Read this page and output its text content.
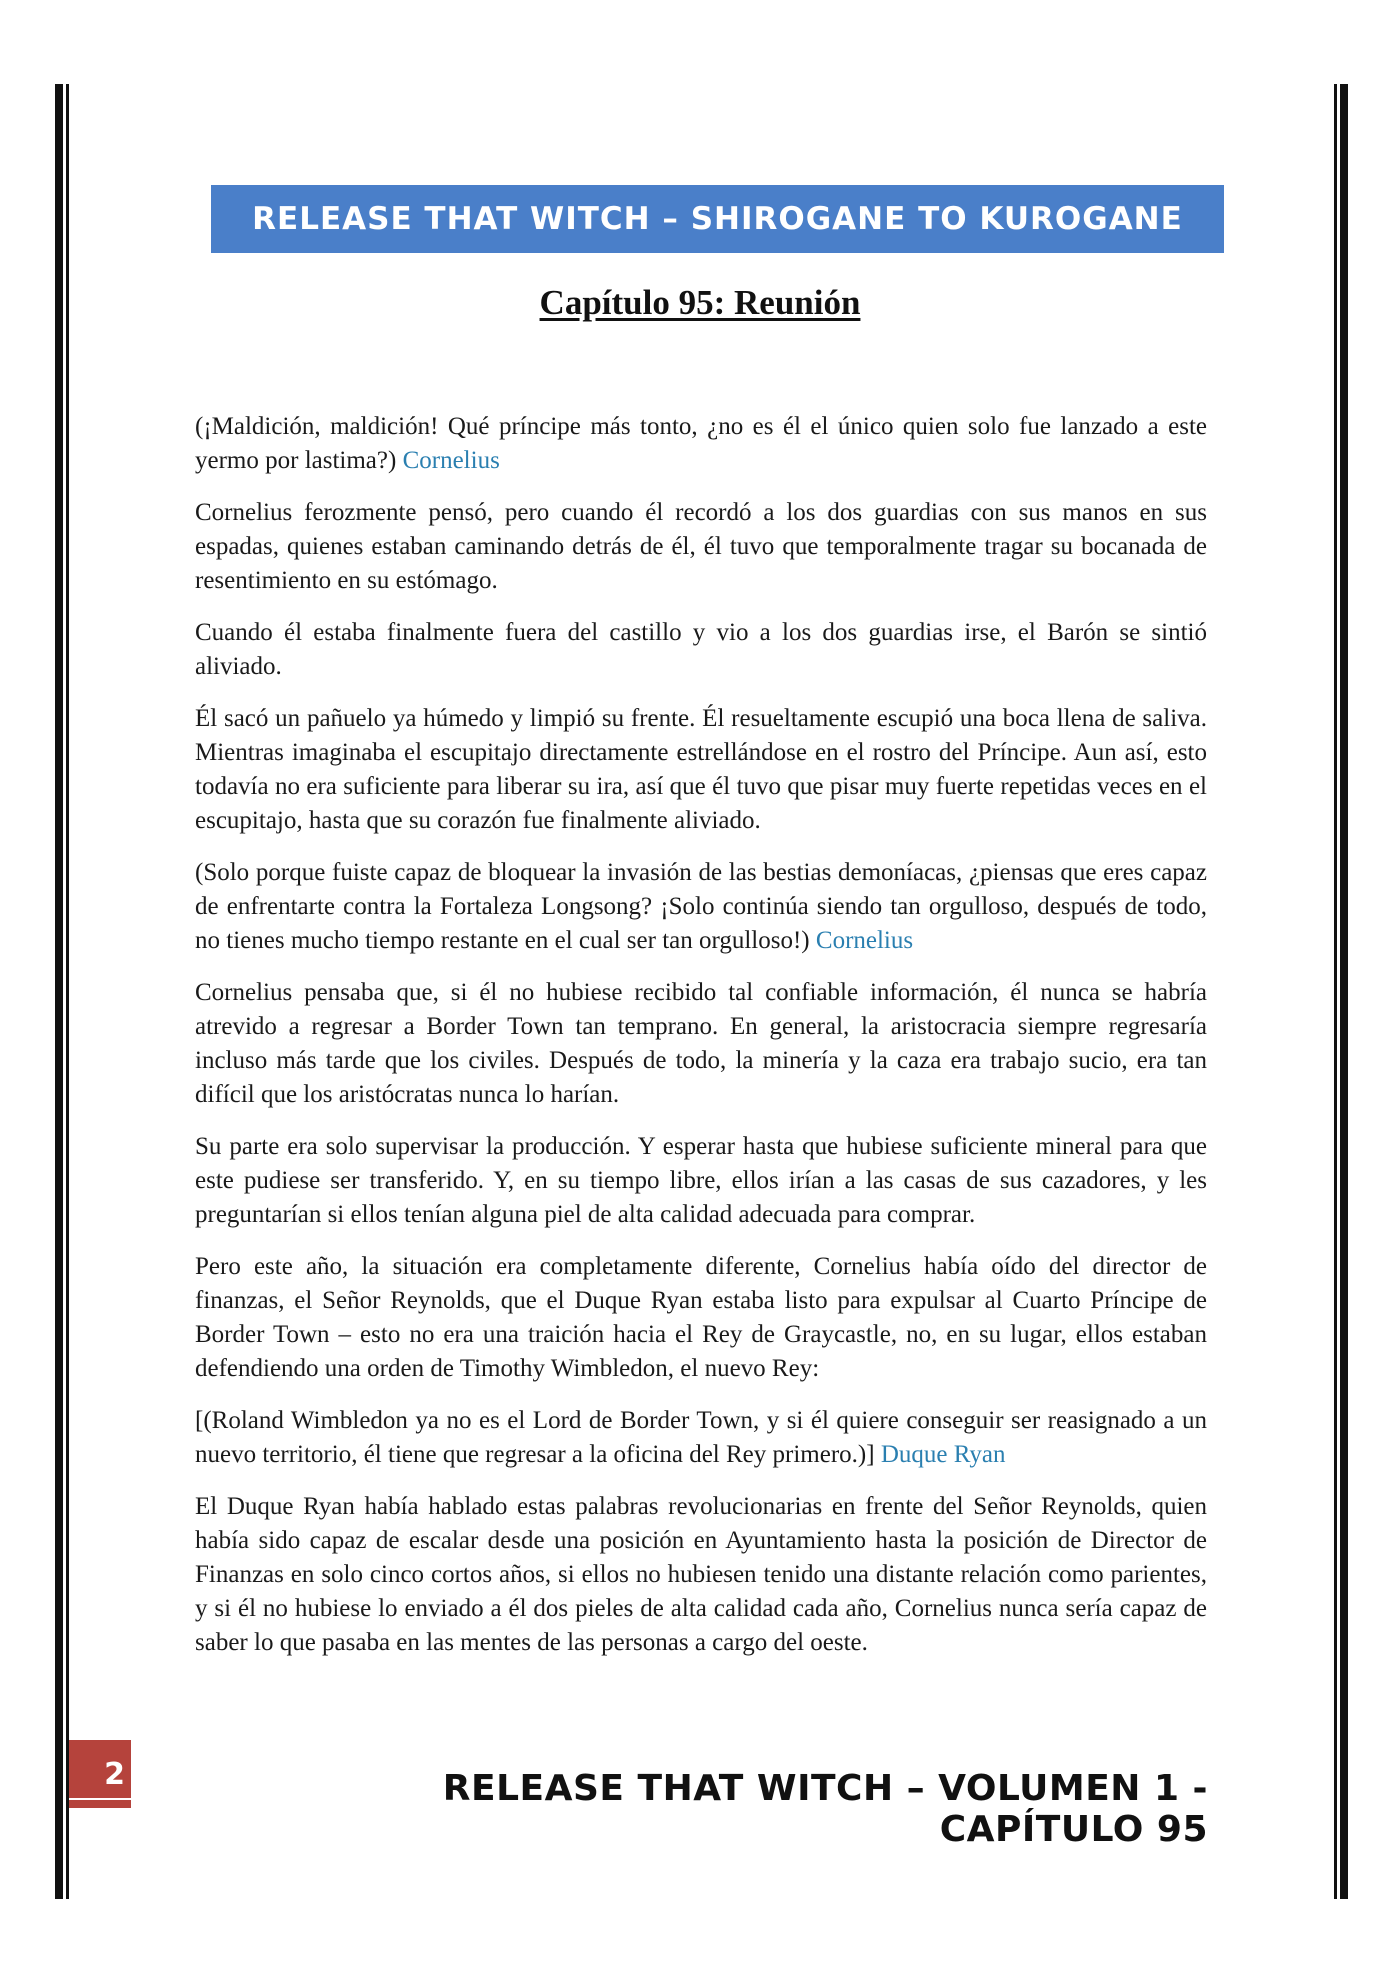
RELEASE THAT WITCH – SHIROGANE TO KUROGANE
Capítulo 95: Reunión

(¡Maldición, maldición! Qué príncipe más tonto, ¿no es él el único quien solo fue lanzado a este yermo por lastima?) Cornelius

Cornelius ferozmente pensó, pero cuando él recordó a los dos guardias con sus manos en sus espadas, quienes estaban caminando detrás de él, él tuvo que temporalmente tragar su bocanada de resentimiento en su estómago.

Cuando él estaba finalmente fuera del castillo y vio a los dos guardias irse, el Barón se sintió aliviado.

Él sacó un pañuelo ya húmedo y limpió su frente. Él resueltamente escupió una boca llena de saliva. Mientras imaginaba el escupitajo directamente estrellándose en el rostro del Príncipe. Aun así, esto todavía no era suficiente para liberar su ira, así que él tuvo que pisar muy fuerte repetidas veces en el escupitajo, hasta que su corazón fue finalmente aliviado.

(Solo porque fuiste capaz de bloquear la invasión de las bestias demoníacas, ¿piensas que eres capaz de enfrentarte contra la Fortaleza Longsong? ¡Solo continúa siendo tan orgulloso, después de todo, no tienes mucho tiempo restante en el cual ser tan orgulloso!) Cornelius

Cornelius pensaba que, si él no hubiese recibido tal confiable información, él nunca se habría atrevido a regresar a Border Town tan temprano. En general, la aristocracia siempre regresaría incluso más tarde que los civiles. Después de todo, la minería y la caza era trabajo sucio, era tan difícil que los aristócratas nunca lo harían.

Su parte era solo supervisar la producción. Y esperar hasta que hubiese suficiente mineral para que este pudiese ser transferido. Y, en su tiempo libre, ellos irían a las casas de sus cazadores, y les preguntarían si ellos tenían alguna piel de alta calidad adecuada para comprar.

Pero este año, la situación era completamente diferente, Cornelius había oído del director de finanzas, el Señor Reynolds, que el Duque Ryan estaba listo para expulsar al Cuarto Príncipe de Border Town – esto no era una traición hacia el Rey de Graycastle, no, en su lugar, ellos estaban defendiendo una orden de Timothy Wimbledon, el nuevo Rey:

[(Roland Wimbledon ya no es el Lord de Border Town, y si él quiere conseguir ser reasignado a un nuevo territorio, él tiene que regresar a la oficina del Rey primero.)] Duque Ryan

El Duque Ryan había hablado estas palabras revolucionarias en frente del Señor Reynolds, quien había sido capaz de escalar desde una posición en Ayuntamiento hasta la posición de Director de Finanzas en solo cinco cortos años, si ellos no hubiesen tenido una distante relación como parientes, y si él no hubiese lo enviado a él dos pieles de alta calidad cada año, Cornelius nunca sería capaz de saber lo que pasaba en las mentes de las personas a cargo del oeste.

2	RELEASE THAT WITCH – VOLUMEN 1 - CAPÍTULO 95
